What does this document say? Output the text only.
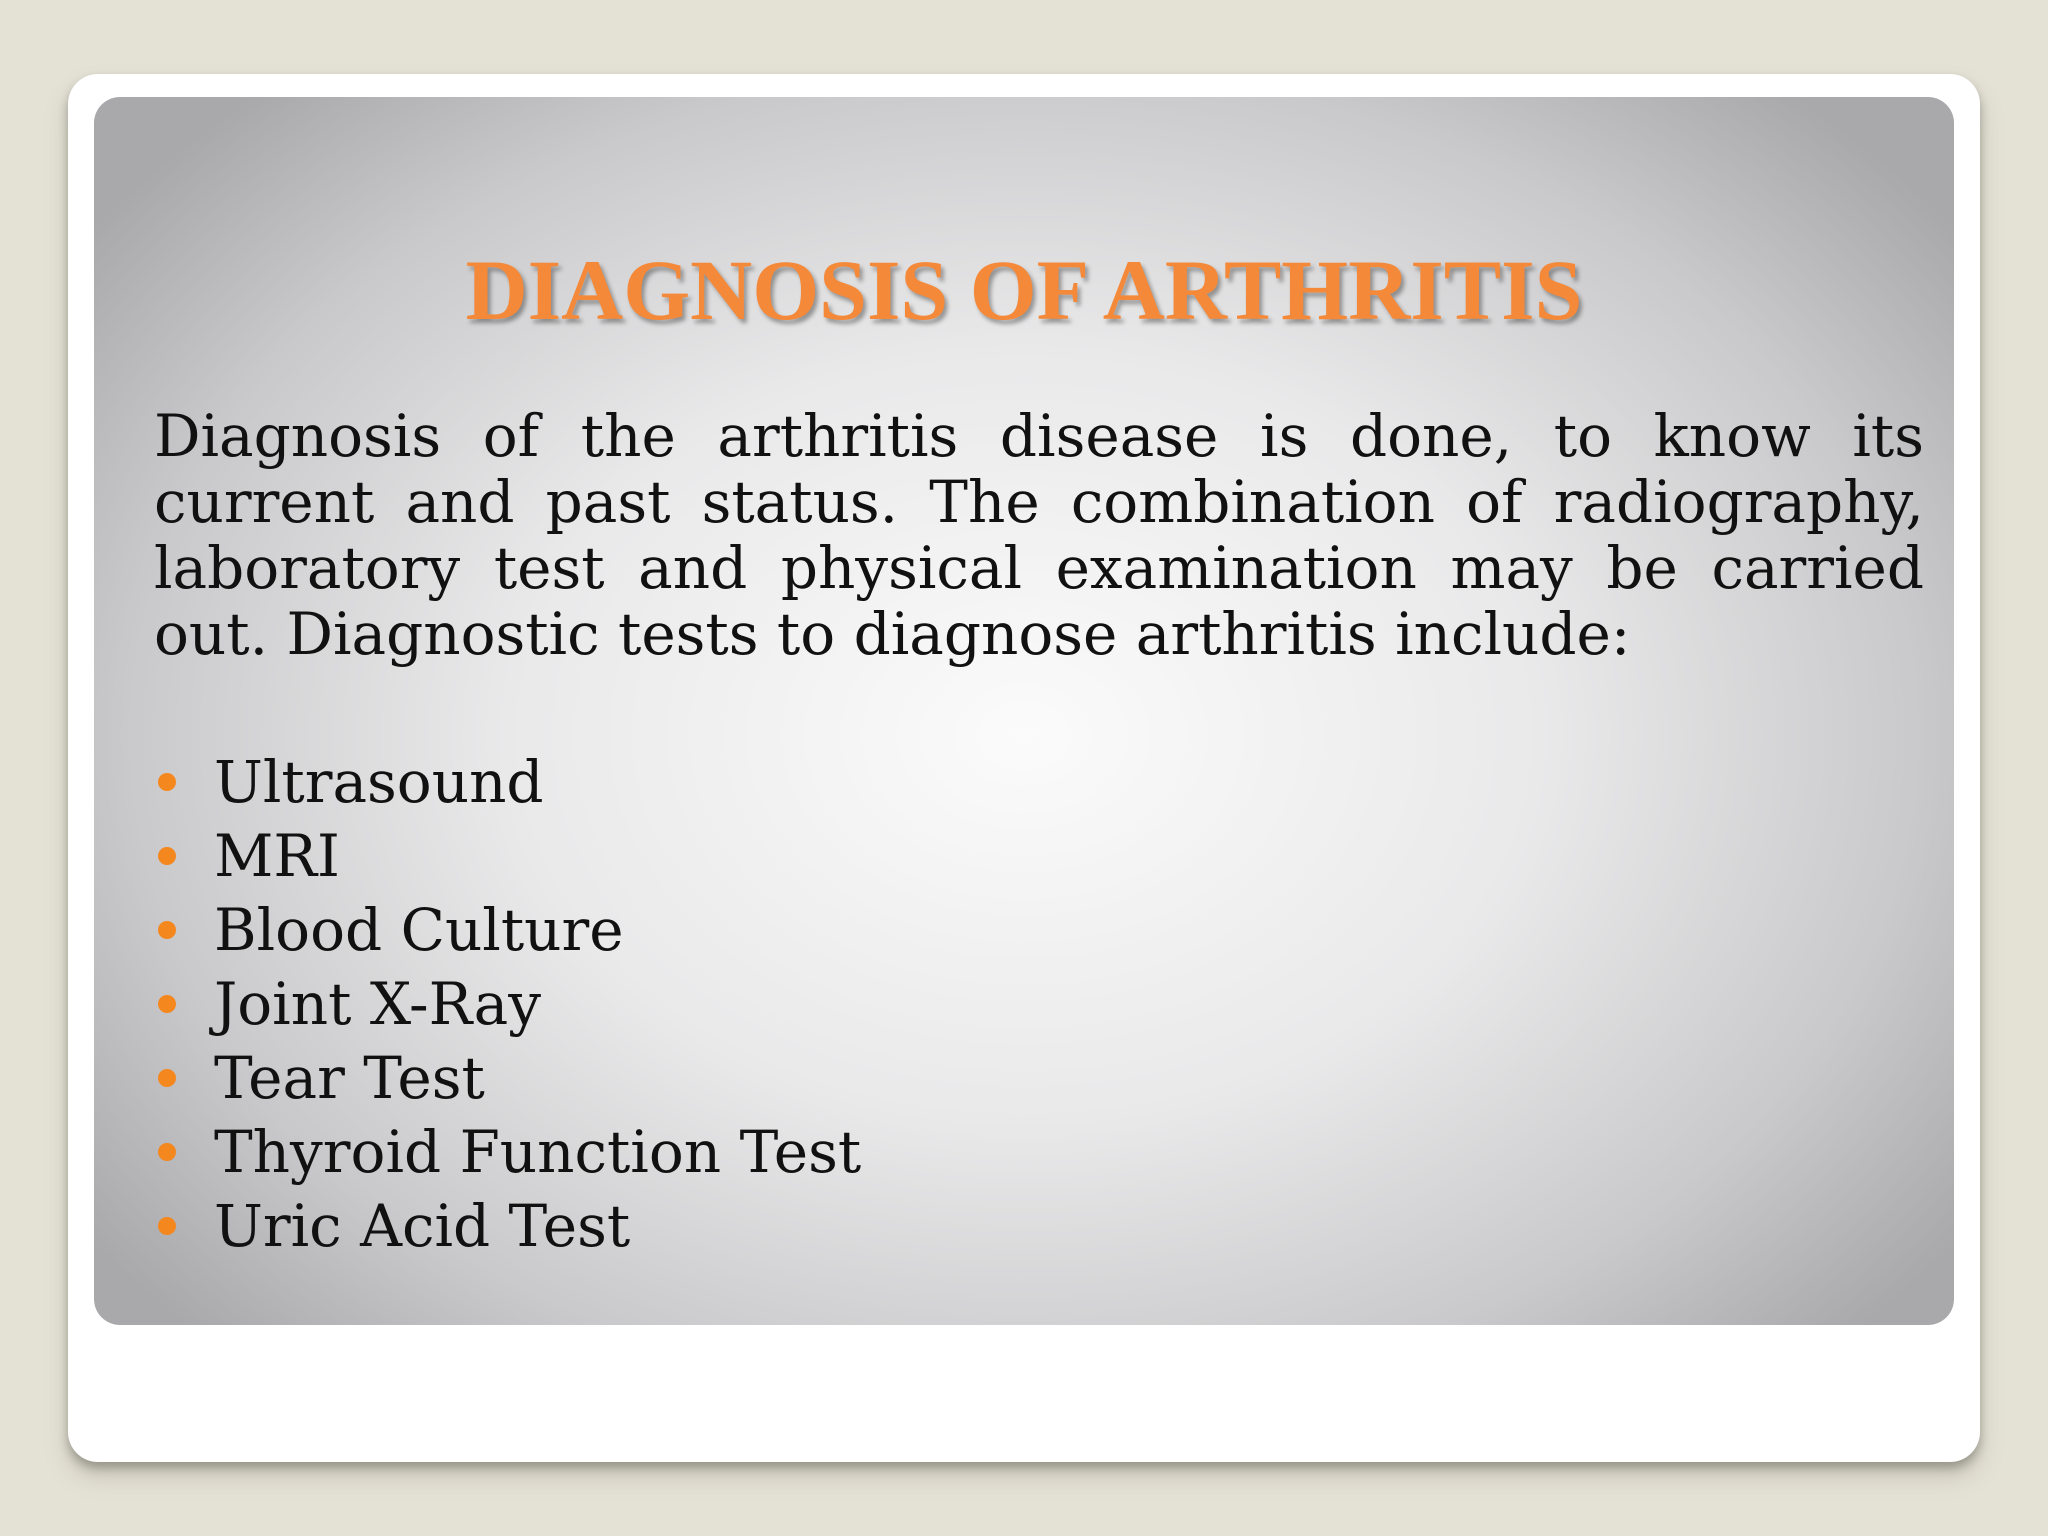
DIAGNOSIS OF ARTHRITIS

Diagnosis of the arthritis disease is done, to know its current and past status. The combination of radiography, laboratory test and physical examination may be carried out. Diagnostic tests to diagnose arthritis include:

Ultrasound
MRI
Blood Culture
Joint X-Ray
Tear Test
Thyroid Function Test
Uric Acid Test
